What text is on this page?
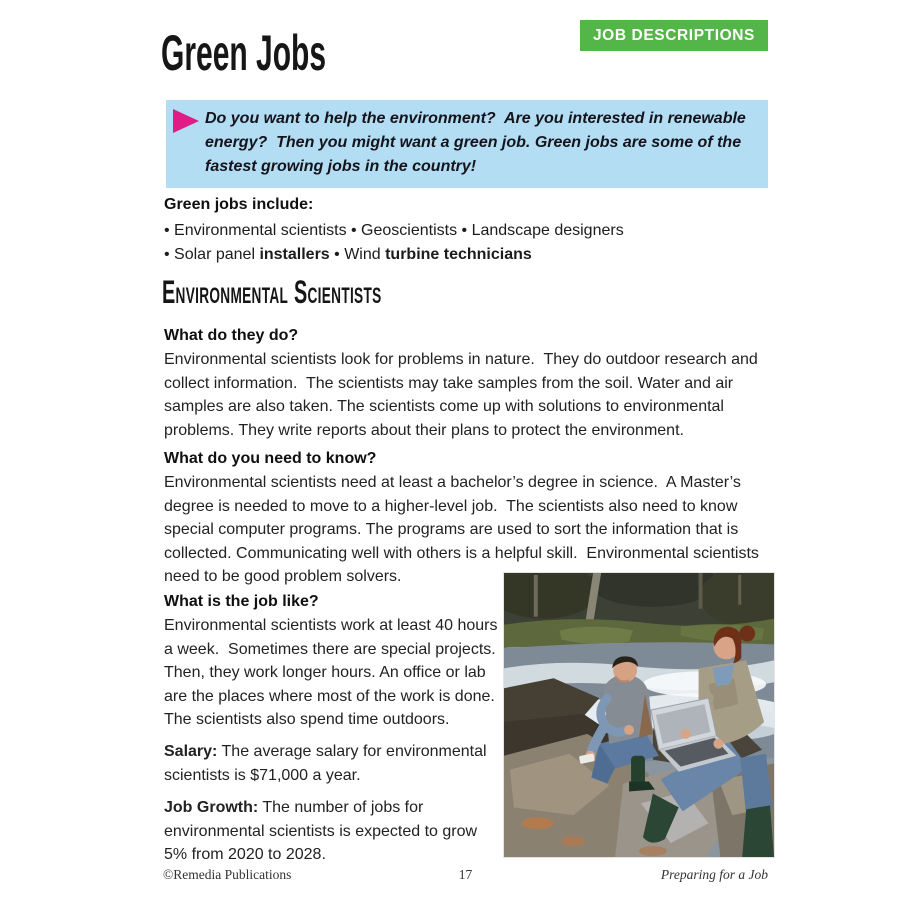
JOB DESCRIPTIONS
Green Jobs
Do you want to help the environment?  Are you interested in renewable energy?  Then you might want a green job. Green jobs are some of the fastest growing jobs in the country!

Green jobs include:

• Environmental scientists • Geoscientists • Landscape designers

• Solar panel installers • Wind turbine technicians

Environmental Scientists
What do they do?

Environmental scientists look for problems in nature.  They do outdoor research and collect information.  The scientists may take samples from the soil. Water and air samples are also taken. The scientists come up with solutions to environmental problems. They write reports about their plans to protect the environment.

What do you need to know?

Environmental scientists need at least a bachelor’s degree in science.  A Master’s degree is needed to move to a higher-level job.  The scientists also need to know special computer programs. The programs are used to sort the information that is collected. Communicating well with others is a helpful skill.  Environmental scientists need to be good problem solvers.

What is the job like?

Environmental scientists work at least 40 hours a week.  Sometimes there are special projects. Then, they work longer hours. An office or lab are the places where most of the work is done. The scientists also spend time outdoors.

Salary: The average salary for environmental scientists is $71,000 a year.

Job Growth: The number of jobs for environmental scientists is expected to grow 5% from 2020 to 2028.

©Remedia Publications	17	Preparing for a Job
